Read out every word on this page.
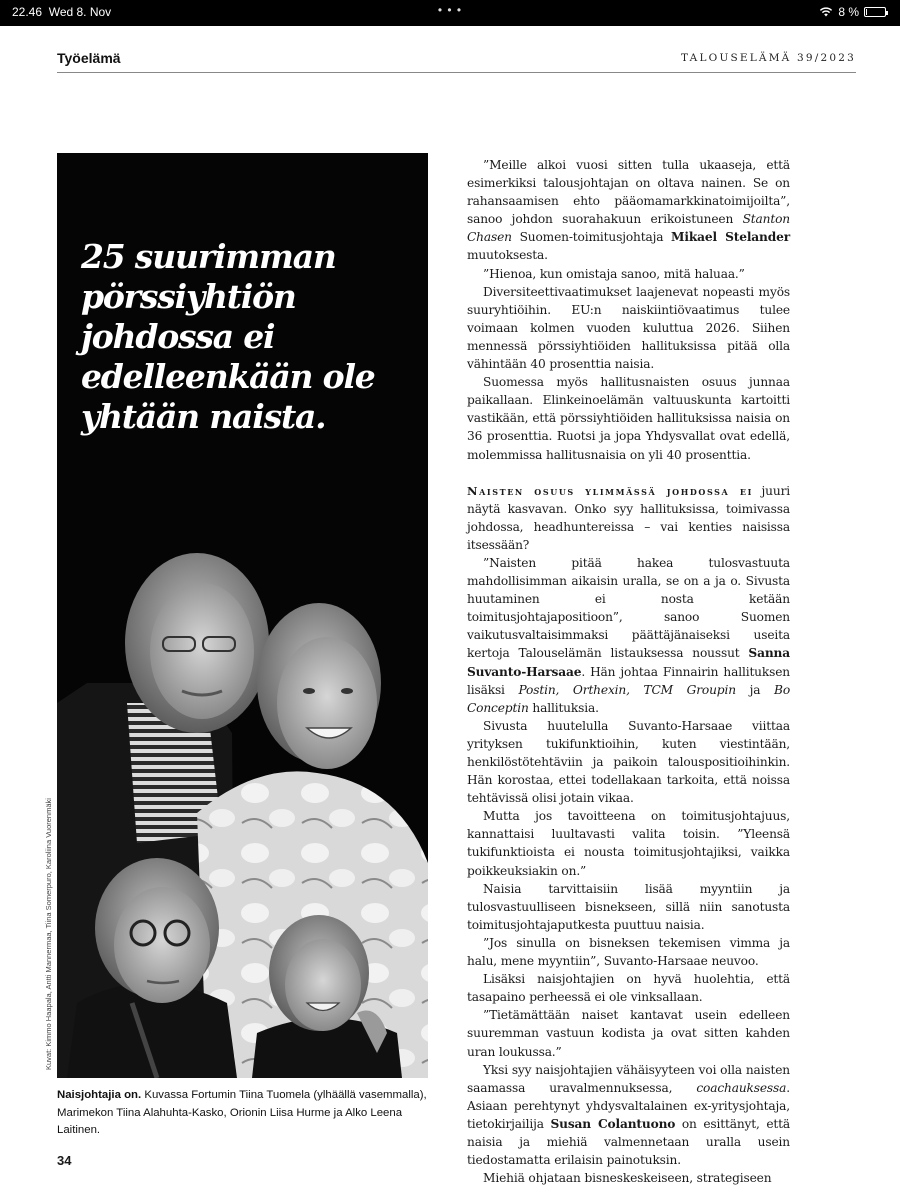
22.46 Wed 8. Nov	• • •	8 %
Työelämä	TALOUSELÄMÄ 39/2023
25 suurimman pörssiyhtiön johdossa ei edelleenkään ole yhtään naista.
Kuvat: Kimmo Haapala, Antti Mannermaa, Tiina Somerpuro, Karoliina Vuorenmäki

Naisjohtajia on. Kuvassa Fortumin Tiina Tuomela (ylhäällä vasemmalla), Marimekon Tiina Alahuhta-Kasko, Orionin Liisa Hurme ja Alko Leena Laitinen.

34

”Meille alkoi vuosi sitten tulla ukaaseja, että esimerkiksi talousjohtajan on oltava nainen. Se on rahansaamisen ehto pääomamarkkinatoimijoilta”, sanoo johdon suorahakuun erikoistuneen Stanton Chasen Suomen-toimitusjohtaja Mikael Stelander muutoksesta.

”Hienoa, kun omistaja sanoo, mitä haluaa.”

Diversiteettivaatimukset laajenevat nopeasti myös suuryhtiöihin. EU:n naiskiintiövaatimus tulee voimaan kolmen vuoden kuluttua 2026. Siihen mennessä pörssiyhtiöiden hallituksissa pitää olla vähintään 40 prosenttia naisia.

Suomessa myös hallitusnaisten osuus junnaa paikallaan. Elinkeinoelämän valtuuskunta kartoitti vastikään, että pörssiyhtiöiden hallituksissa naisia on 36 prosenttia. Ruotsi ja jopa Yhdysvallat ovat edellä, molemmissa hallitusnaisia on yli 40 prosenttia.

Naisten osuus ylimmässä johdossa ei juuri näytä kasvavan. Onko syy hallituksissa, toimivassa johdossa, headhuntereissa – vai kenties naisissa itsessään?

”Naisten pitää hakea tulosvastuuta mahdollisimman aikaisin uralla, se on a ja o. Sivusta huutaminen ei nosta ketään toimitusjohtajapositioon”, sanoo Suomen vaikutusvaltaisimmaksi päättäjänaiseksi useita kertoja Talouselämän listauksessa noussut Sanna Suvanto-Harsaae. Hän johtaa Finnairin hallituksen lisäksi Postin, Orthexin, TCM Groupin ja Bo Conceptin hallituksia.

Sivusta huutelulla Suvanto-Harsaae viittaa yrityksen tukifunktioihin, kuten viestintään, henkilöstötehtäviin ja paikoin talouspositioihinkin. Hän korostaa, ettei todellakaan tarkoita, että noissa tehtävissä olisi jotain vikaa.

Mutta jos tavoitteena on toimitusjohtajuus, kannattaisi luultavasti valita toisin. ”Yleensä tukifunktioista ei nousta toimitusjohtajiksi, vaikka poikkeuksiakin on.”

Naisia tarvittaisiin lisää myyntiin ja tulosvastuulliseen bisnekseen, sillä niin sanotusta toimitusjohtajaputkesta puuttuu naisia.

”Jos sinulla on bisneksen tekemisen vimma ja halu, mene myyntiin”, Suvanto-Harsaae neuvoo.

Lisäksi naisjohtajien on hyvä huolehtia, että tasapaino perheessä ei ole vinksallaan.

”Tietämättään naiset kantavat usein edelleen suuremman vastuun kodista ja ovat sitten kahden uran loukussa.”

Yksi syy naisjohtajien vähäisyyteen voi olla naisten saamassa uravalmennuksessa, coachauksessa. Asiaan perehtynyt yhdysvaltalainen ex-yritysjohtaja, tietokirjailija Susan Colantuono on esittänyt, että naisia ja miehiä valmennetaan uralla usein tiedostamatta erilaisin painotuksin.

Miehiä ohjataan bisneskeskeiseen, strategiseen
